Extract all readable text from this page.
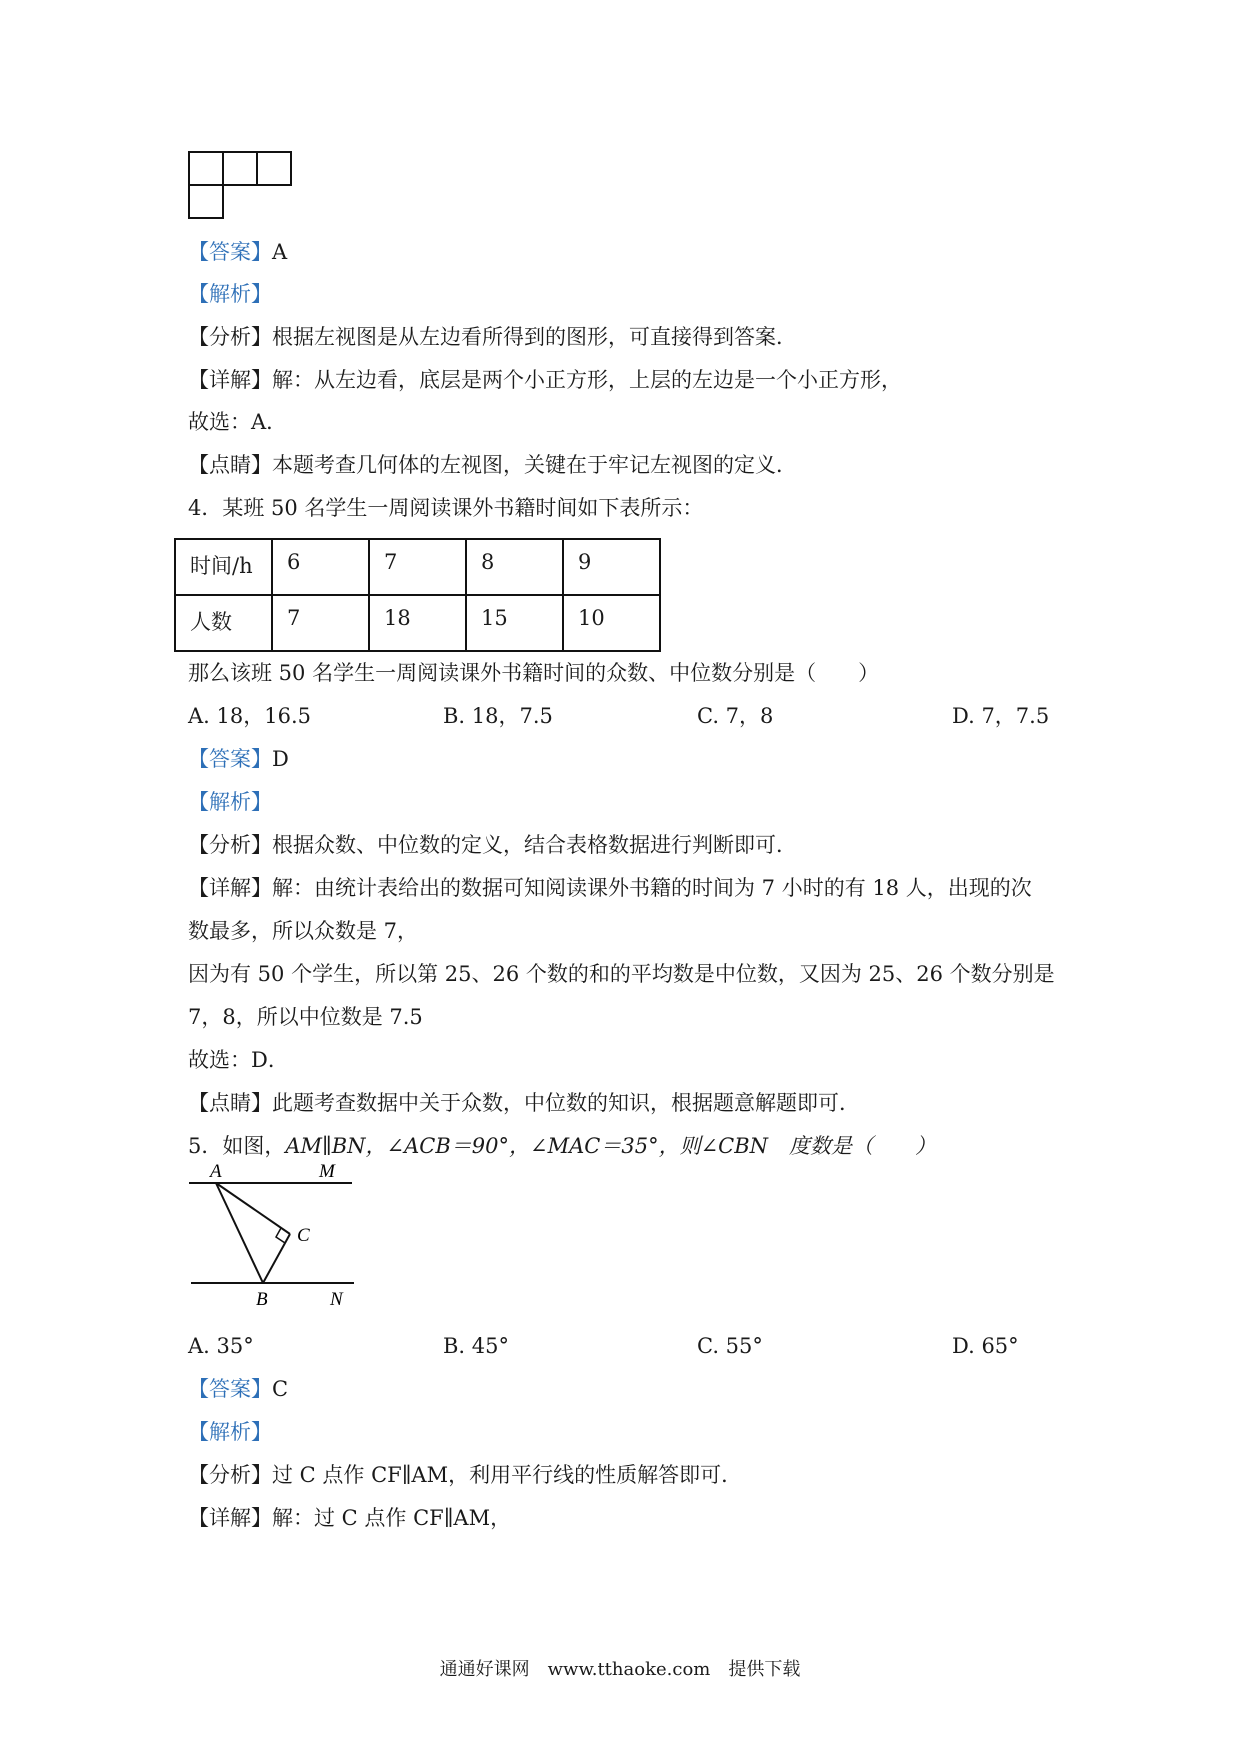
【答案】A
【解析】
【分析】根据左视图是从左边看所得到的图形，可直接得到答案．
【详解】解：从左边看，底层是两个小正方形，上层的左边是一个小正方形，
故选：A．
【点睛】本题考查几何体的左视图，关键在于牢记左视图的定义．
4．某班 50 名学生一周阅读课外书籍时间如下表所示：
时间/h	6	7	8	9
人数	7	18	15	10
那么该班 50 名学生一周阅读课外书籍时间的众数、中位数分别是（　　）
A. 18，16.5	B. 18，7.5	C. 7，8	D. 7，7.5
【答案】D
【解析】
【分析】根据众数、中位数的定义，结合表格数据进行判断即可．
【详解】解：由统计表给出的数据可知阅读课外书籍的时间为 7 小时的有 18 人，出现的次
数最多，所以众数是 7，
因为有 50 个学生，所以第 25、26 个数的和的平均数是中位数，又因为 25、26 个数分别是
7，8，所以中位数是 7.5
故选：D．
【点睛】此题考查数据中关于众数，中位数的知识，根据题意解题即可．
5．如图，AM∥BN，∠ACB＝90°，∠MAC＝35°，则∠CBN　度数是（　　）
A	M
C
B	N
A. 35°	B. 45°	C. 55°	D. 65°
【答案】C
【解析】
【分析】过 C 点作 CF∥AM，利用平行线的性质解答即可．
【详解】解：过 C 点作 CF∥AM，
通通好课网　www.tthaoke.com　提供下载
